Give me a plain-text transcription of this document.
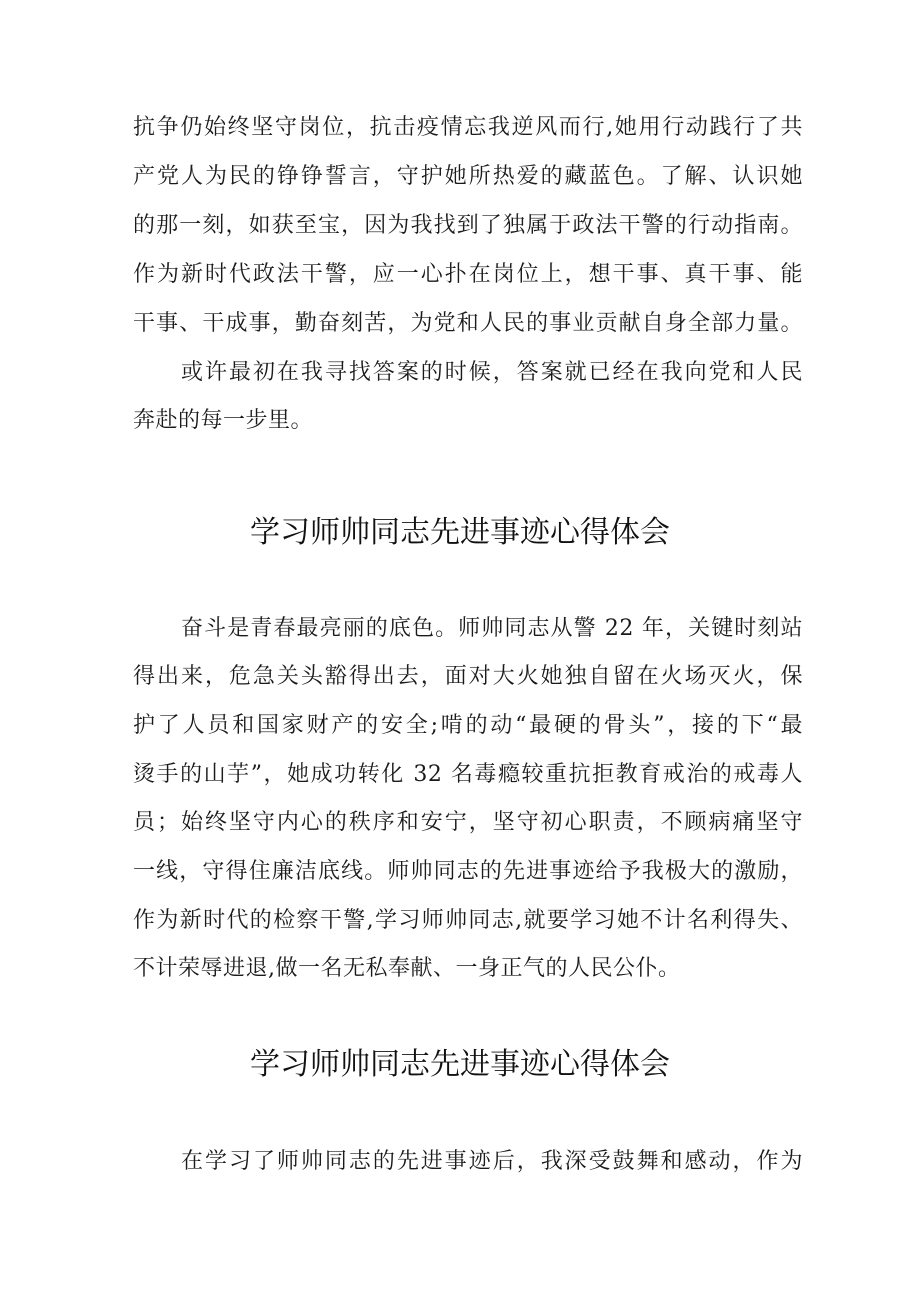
抗争仍始终坚守岗位，抗击疫情忘我逆风而行,她用行动践行了共
产党人为民的铮铮誓言，守护她所热爱的藏蓝色。了解、认识她
的那一刻，如获至宝，因为我找到了独属于政法干警的行动指南。
作为新时代政法干警，应一心扑在岗位上，想干事、真干事、能
干事、干成事，勤奋刻苦，为党和人民的事业贡献自身全部力量。
或许最初在我寻找答案的时候，答案就已经在我向党和人民
奔赴的每一步里。
学习师帅同志先进事迹心得体会
奋斗是青春最亮丽的底色。师帅同志从警 22 年，关键时刻站
得出来，危急关头豁得出去，面对大火她独自留在火场灭火，保
护了人员和国家财产的安全;啃的动“最硬的骨头”，接的下“最
烫手的山芋”，她成功转化 32 名毒瘾较重抗拒教育戒治的戒毒人
员；始终坚守内心的秩序和安宁，坚守初心职责，不顾病痛坚守
一线，守得住廉洁底线。师帅同志的先进事迹给予我极大的激励，
作为新时代的检察干警,学习师帅同志,就要学习她不计名利得失、
不计荣辱进退,做一名无私奉献、一身正气的人民公仆。
学习师帅同志先进事迹心得体会
在学习了师帅同志的先进事迹后，我深受鼓舞和感动，作为
